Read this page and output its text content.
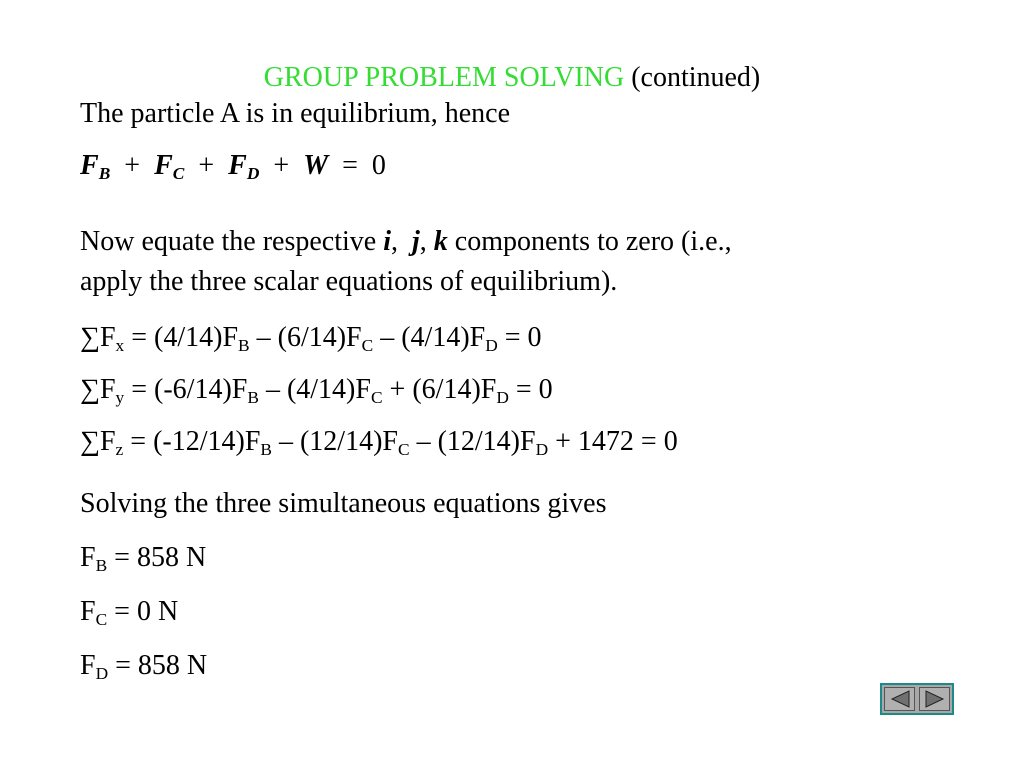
GROUP PROBLEM SOLVING (continued)
The particle A is in equilibrium, hence
$F_B + F_C + F_D + W = 0$
Now equate the respective i, j, k components to zero (i.e.,
apply the three scalar equations of equilibrium).
$\sum F_x = (4/14)F_B - (6/14)F_C - (4/14)F_D = 0$
$\sum F_y = (-6/14)F_B - (4/14)F_C + (6/14)F_D = 0$
$\sum F_z = (-12/14)F_B - (12/14)F_C - (12/14)F_D + 1472 = 0$
Solving the three simultaneous equations gives
$F_B = 858$ N
$F_C = 0$ N
$F_D = 858$ N
